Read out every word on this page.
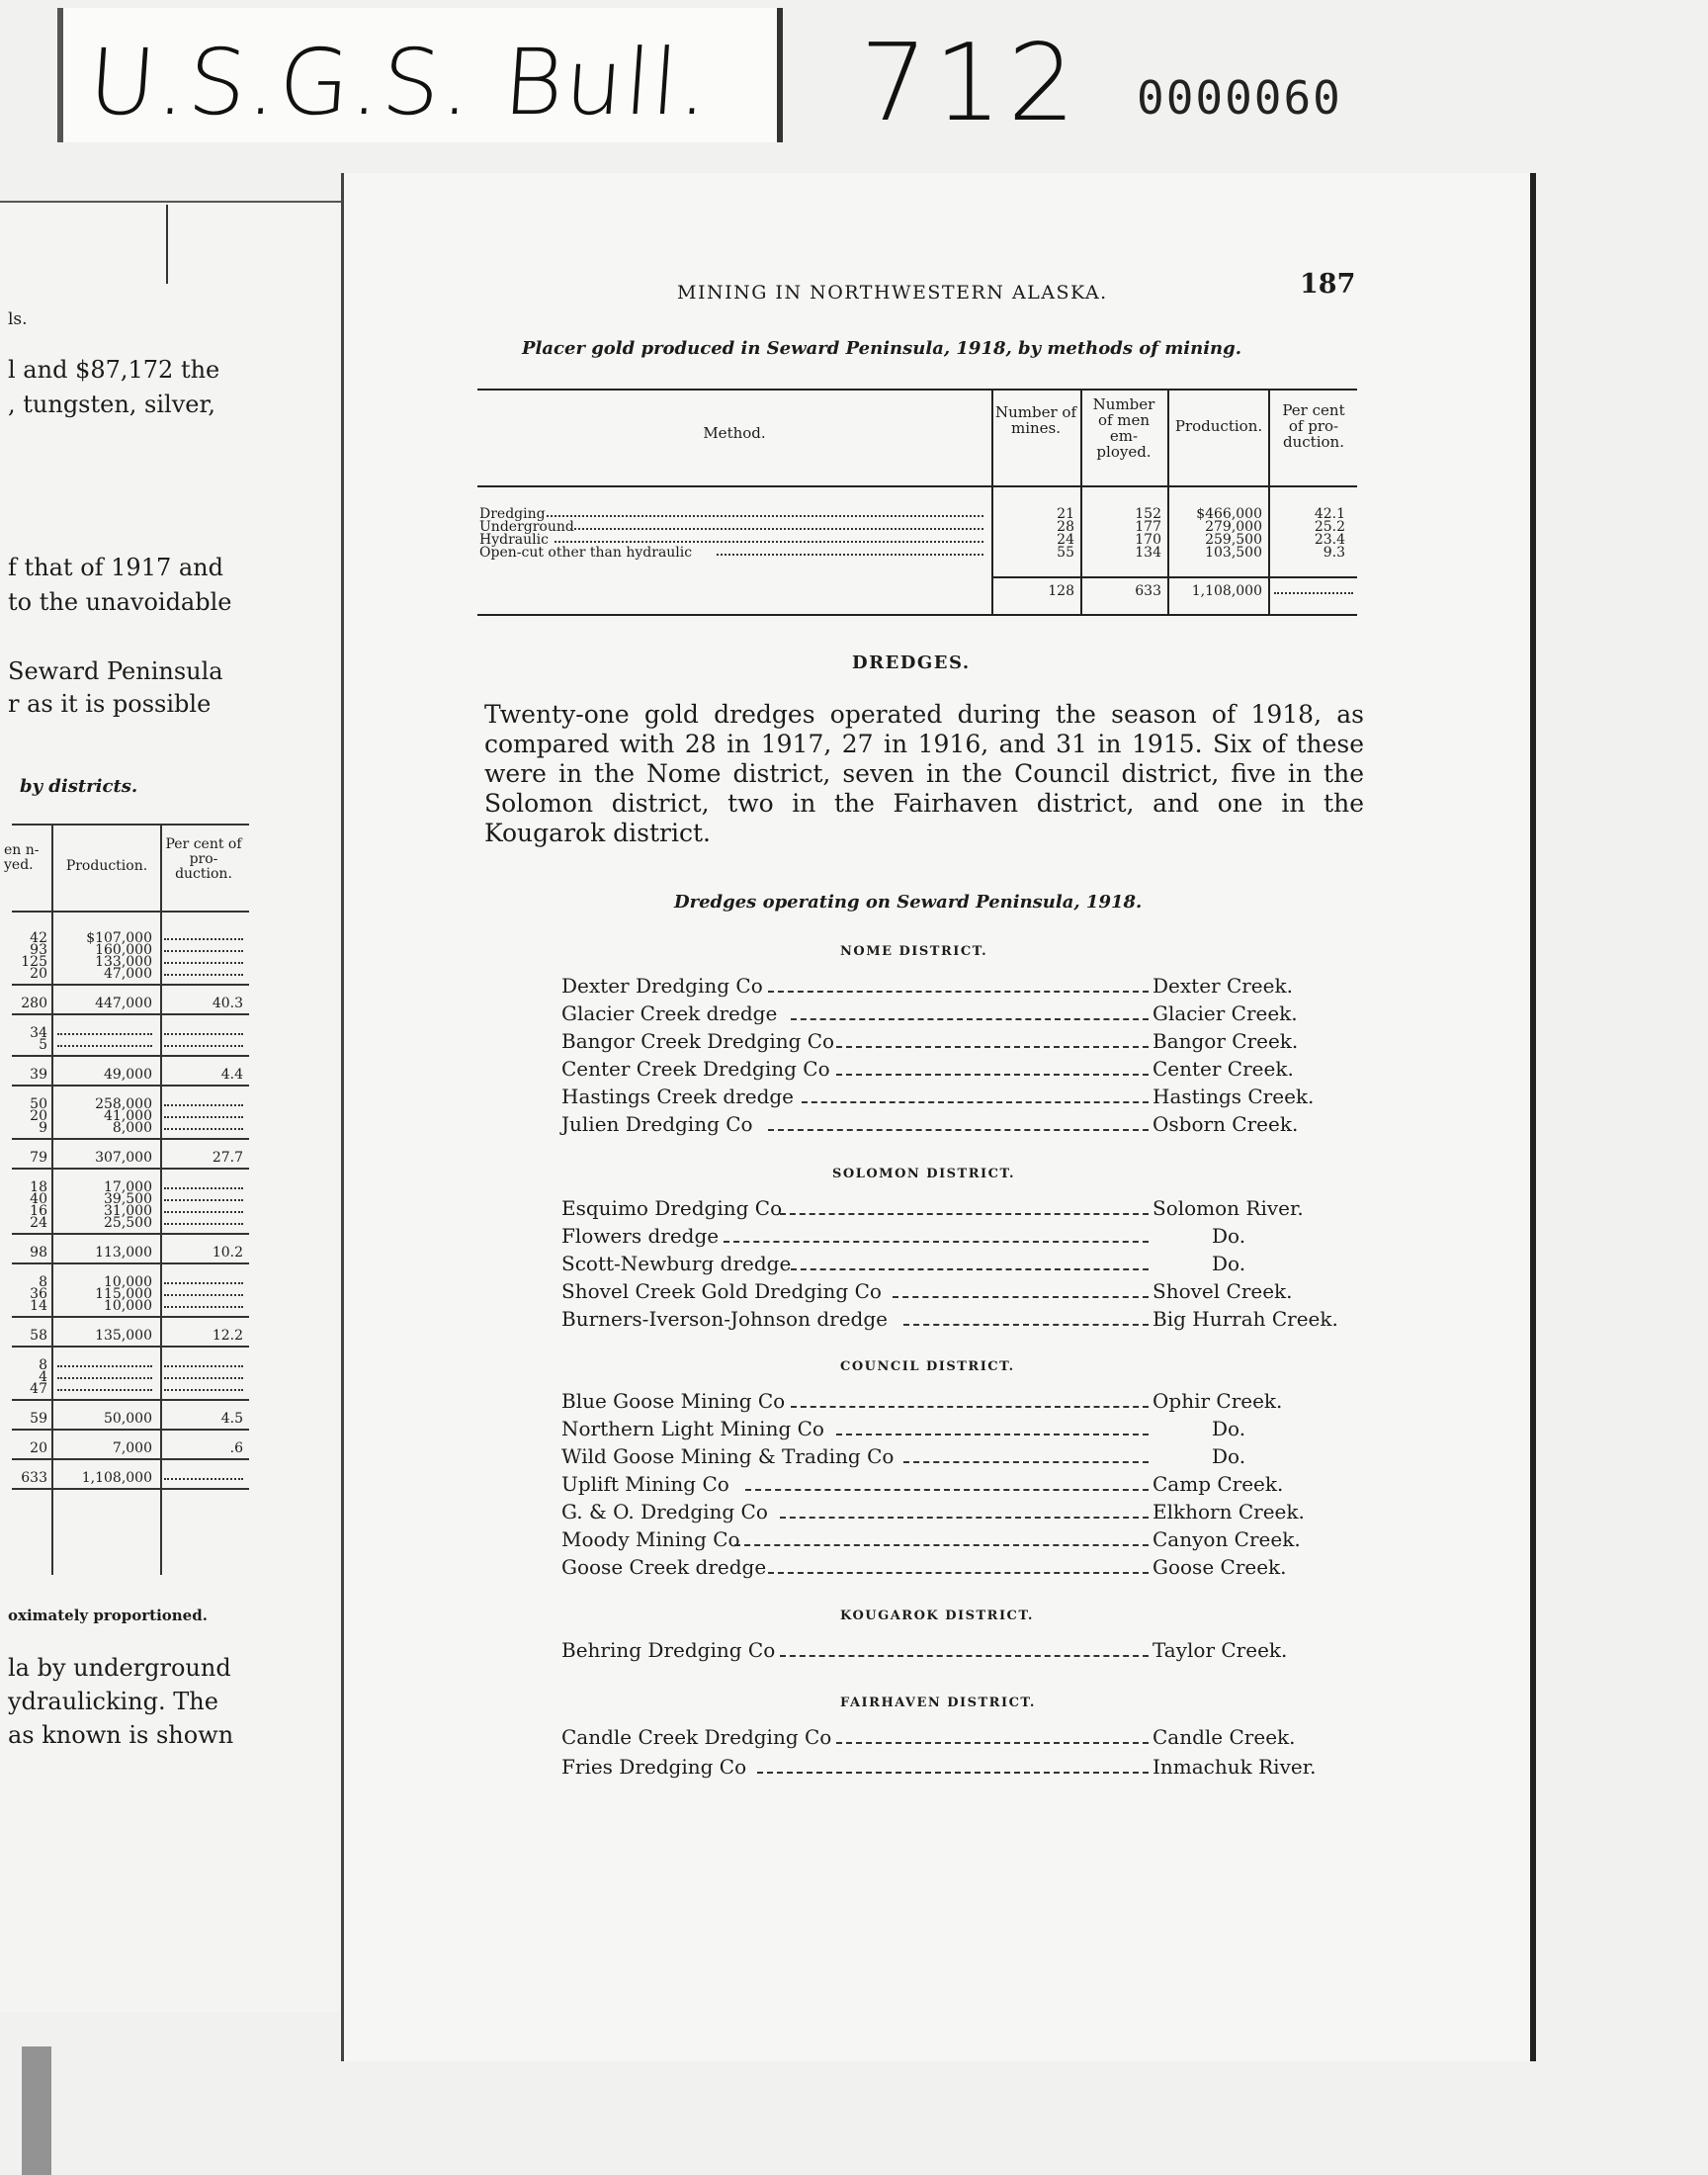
U.S.G.S. Bull. 712 0000060
ls.
l and $87,172 the
, tungsten, silver,
f that of 1917 and
to the unavoidable
Seward Peninsula
r as it is possible
by districts.
en n- yed.	Production.
Per cent of pro- duction.
42	$107,000
93	160,000
125	133,000
20	47,000
280	447,000	40.3
34
5
39	49,000	4.4
50	258,000
20	41,000
9	8,000
79	307,000	27.7
18	17,000
40	39,500
16	31,000
24	25,500
98	113,000	10.2
8	10,000
36	115,000
14	10,000
58	135,000	12.2
8
4
47
59	50,000	4.5
20	7,000	.6
633	1,108,000
oximately proportioned.
la by underground
ydraulicking. The
as known is shown
MINING IN NORTHWESTERN ALASKA.	187
Placer gold produced in Seward Peninsula, 1918, by methods of mining.
Method.
Number of mines.
Number of men em- ployed.
Production.
Per cent of pro- duction.
Dredging	21	152	$466,000	42.1
Underground	28	177	279,000	25.2
Hydraulic	24	170	259,500	23.4
Open-cut other than hydraulic	55	134	103,500	9.3
128	633	1,108,000
DREDGES.
Twenty-one gold dredges operated during the season of 1918, as compared with 28 in 1917, 27 in 1916, and 31 in 1915. Six of these were in the Nome district, seven in the Council district, five in the Solomon district, two in the Fairhaven district, and one in the Kougarok district.
Dredges operating on Seward Peninsula, 1918.
NOME DISTRICT.
Dexter Dredging Co	Dexter Creek.
Glacier Creek dredge	Glacier Creek.
Bangor Creek Dredging Co	Bangor Creek.
Center Creek Dredging Co	Center Creek.
Hastings Creek dredge	Hastings Creek.
Julien Dredging Co	Osborn Creek.
SOLOMON DISTRICT.
Esquimo Dredging Co	Solomon River.
Flowers dredge	Do.
Scott-Newburg dredge	Do.
Shovel Creek Gold Dredging Co	Shovel Creek.
Burners-Iverson-Johnson dredge	Big Hurrah Creek.
COUNCIL DISTRICT.
Blue Goose Mining Co	Ophir Creek.
Northern Light Mining Co	Do.
Wild Goose Mining & Trading Co	Do.
Uplift Mining Co	Camp Creek.
G. & O. Dredging Co	Elkhorn Creek.
Moody Mining Co	Canyon Creek.
Goose Creek dredge	Goose Creek.
KOUGAROK DISTRICT.
Behring Dredging Co	Taylor Creek.
FAIRHAVEN DISTRICT.
Candle Creek Dredging Co	Candle Creek.
Fries Dredging Co	Inmachuk River.
